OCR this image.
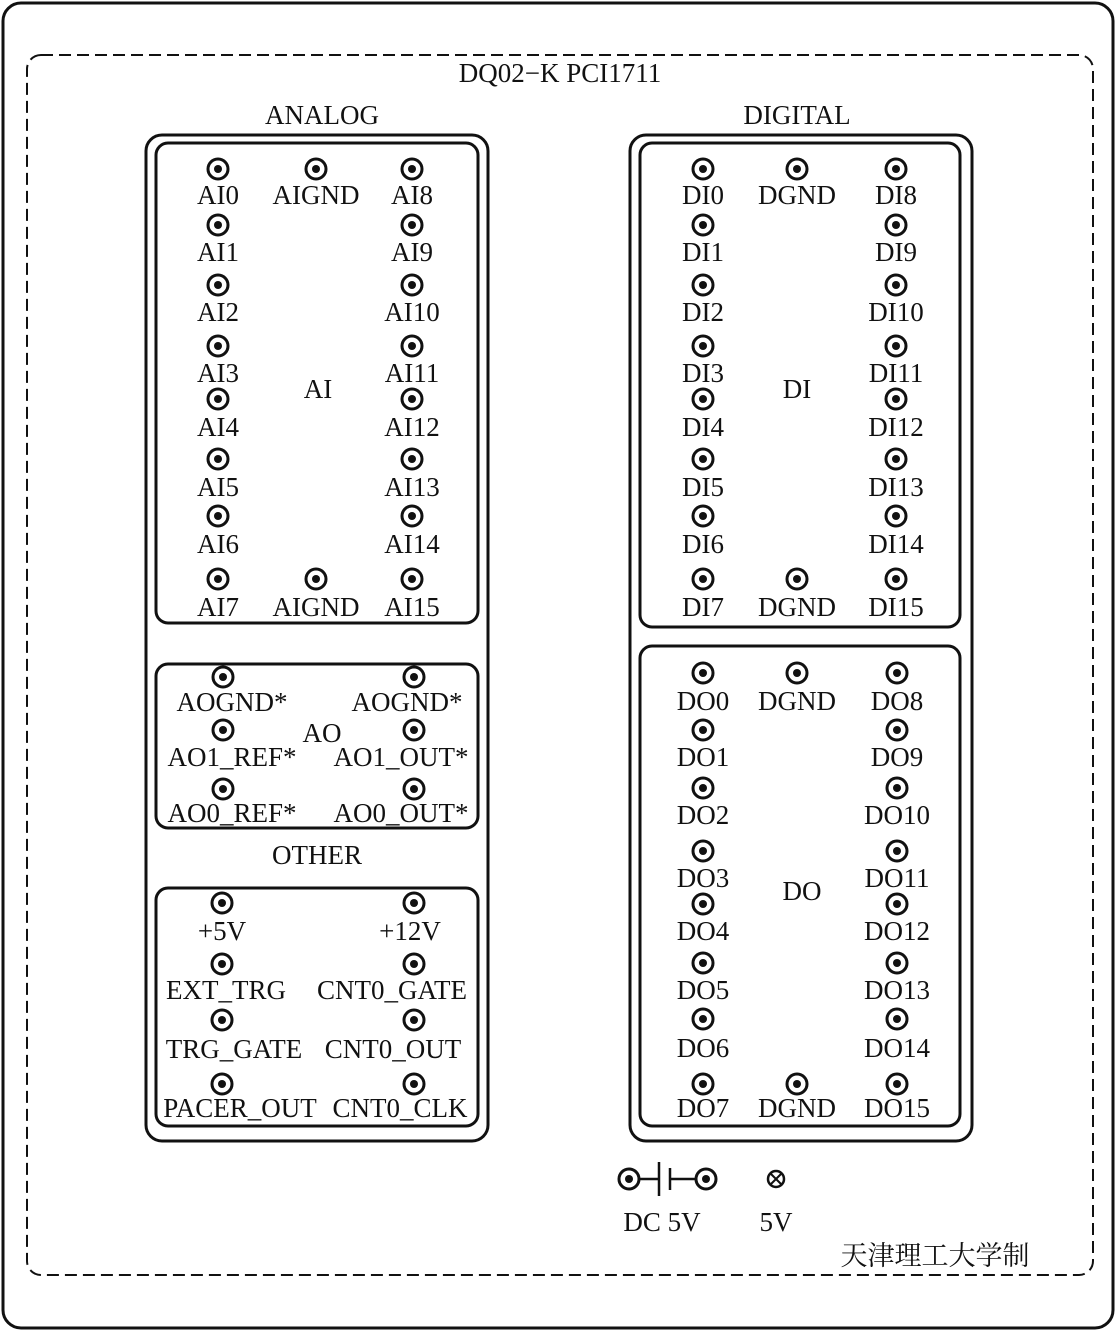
DQ02−K PCI1711
ANALOG	DIGITAL
OTHER
AI
AO
DI
DO
AI0 AIGND AI8
AI1	AI9
AI2	AI10
AI3	AI11
AI4	AI12
AI5	AI13
AI6	AI14
AI7 AIGND AI15
AOGND* AOGND*
AO1_REF* AO1_OUT*
AO0_REF* AO0_OUT*
+5V	+12V
EXT_TRG CNT0_GATE
TRG_GATE CNT0_OUT
PACER_OUT CNT0_CLK
DI0 DGND DI8
DI1	DI9
DI2	DI10
DI3	DI11
DI4	DI12
DI5	DI13
DI6	DI14
DI7 DGND DI15
DO0 DGND DO8
DO1	DO9
DO2	DO10
DO3	DO11
DO4	DO12
DO5	DO13
DO6	DO14
DO7 DGND DO15
DC 5V 5V
天津理工大学制
